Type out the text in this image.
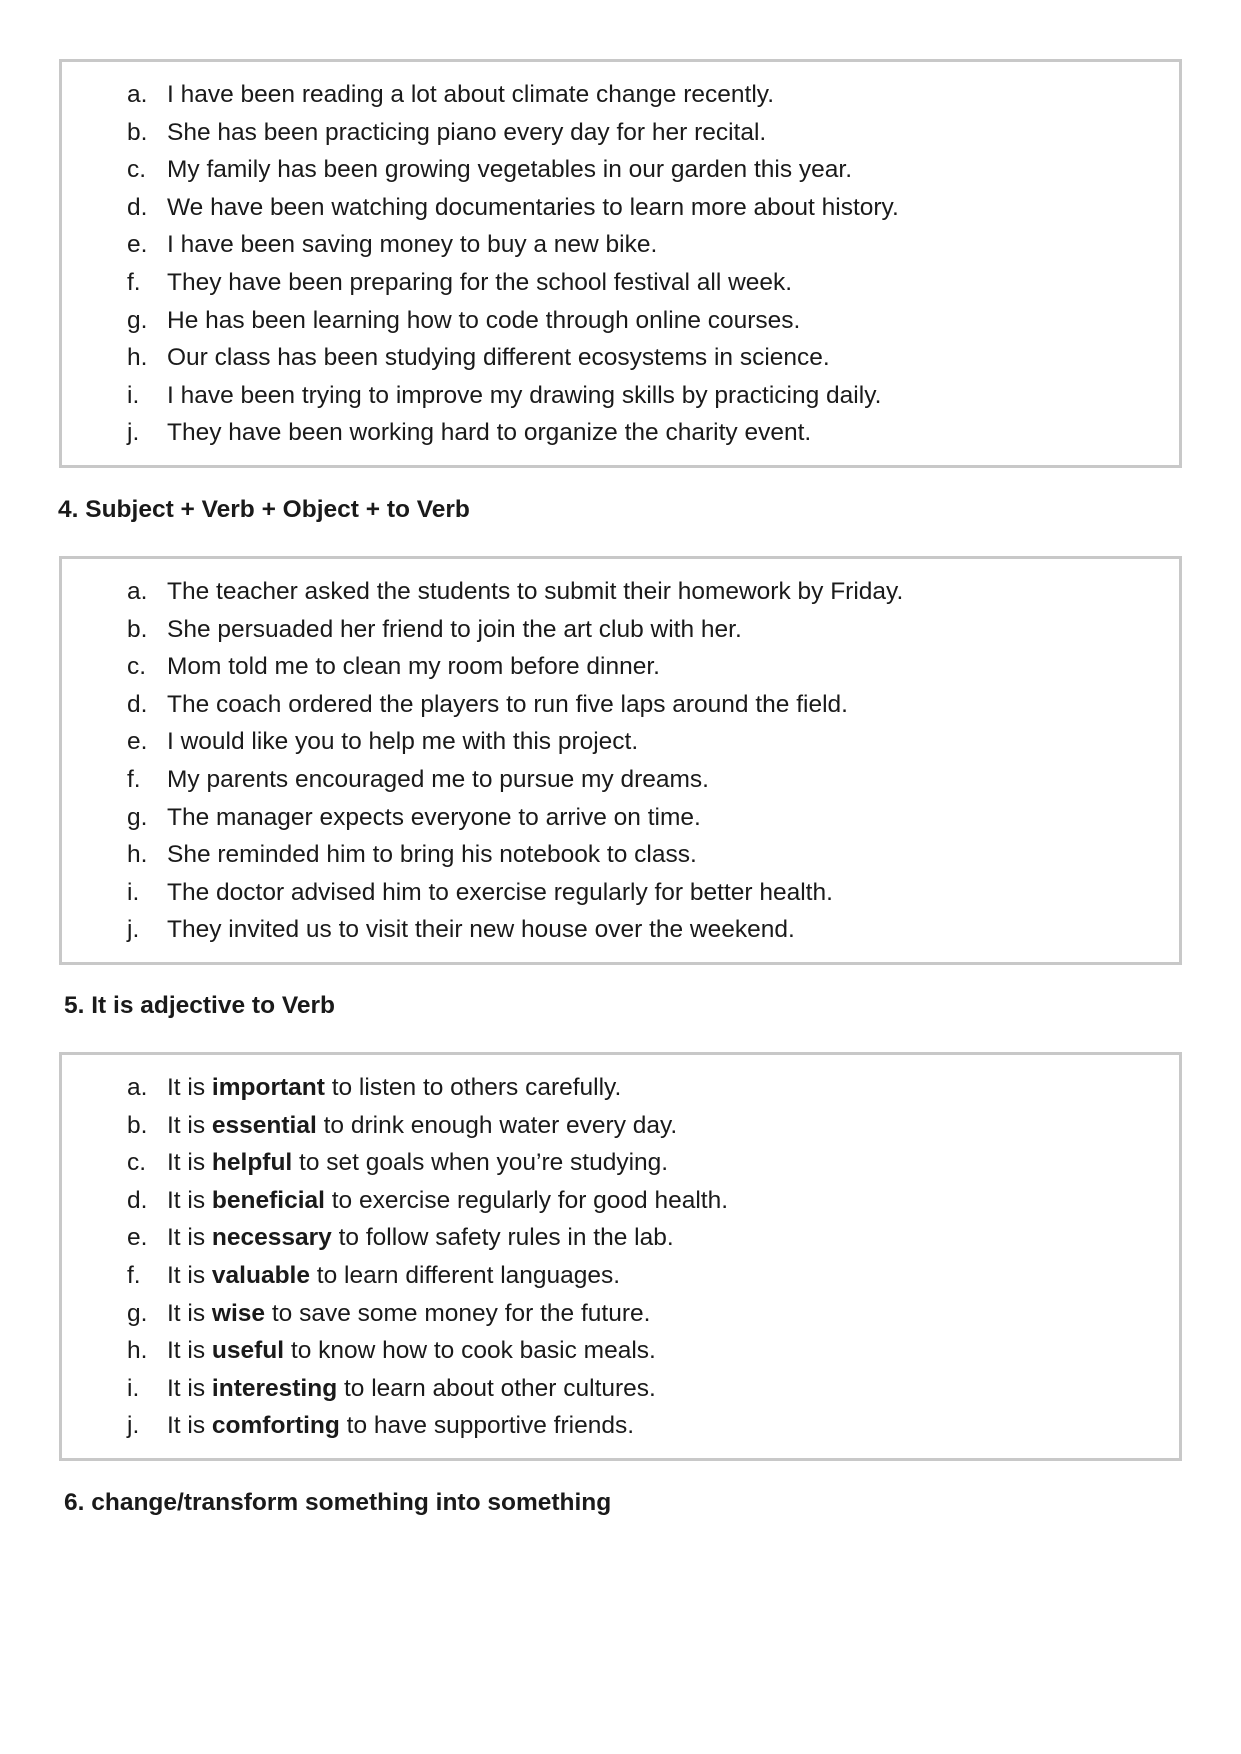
a. I have been reading a lot about climate change recently.
b. She has been practicing piano every day for her recital.
c. My family has been growing vegetables in our garden this year.
d. We have been watching documentaries to learn more about history.
e. I have been saving money to buy a new bike.
f. They have been preparing for the school festival all week.
g. He has been learning how to code through online courses.
h. Our class has been studying different ecosystems in science.
i. I have been trying to improve my drawing skills by practicing daily.
j. They have been working hard to organize the charity event.
4. Subject + Verb + Object + to Verb
a. The teacher asked the students to submit their homework by Friday.
b. She persuaded her friend to join the art club with her.
c. Mom told me to clean my room before dinner.
d. The coach ordered the players to run five laps around the field.
e. I would like you to help me with this project.
f. My parents encouraged me to pursue my dreams.
g. The manager expects everyone to arrive on time.
h. She reminded him to bring his notebook to class.
i. The doctor advised him to exercise regularly for better health.
j. They invited us to visit their new house over the weekend.
5. It is adjective to Verb
a. It is important to listen to others carefully.
b. It is essential to drink enough water every day.
c. It is helpful to set goals when you’re studying.
d. It is beneficial to exercise regularly for good health.
e. It is necessary to follow safety rules in the lab.
f. It is valuable to learn different languages.
g. It is wise to save some money for the future.
h. It is useful to know how to cook basic meals.
i. It is interesting to learn about other cultures.
j. It is comforting to have supportive friends.
6. change/transform something into something
